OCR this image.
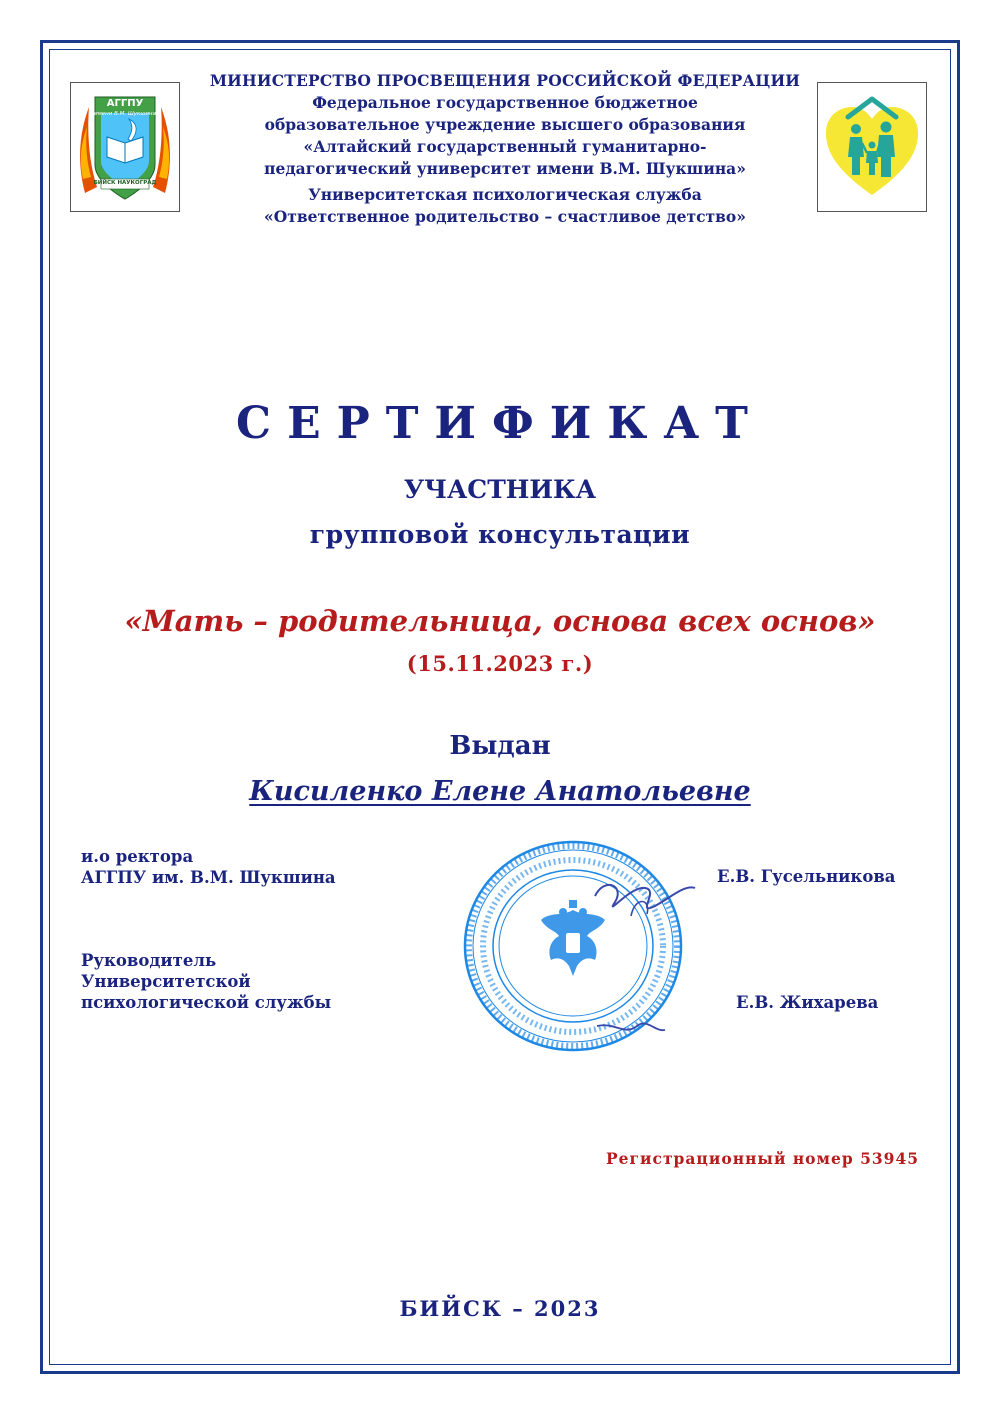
АГГПУ
имени В.М. Шукшина
БИЙСК НАУКОГРАД
МИНИСТЕРСТВО ПРОСВЕЩЕНИЯ РОССИЙСКОЙ ФЕДЕРАЦИИ
Федеральное государственное бюджетное
образовательное учреждение высшего образования
«Алтайский государственный гуманитарно-
педагогический университет имени В.М. Шукшина»
Университетская психологическая служба
«Ответственное родительство – счастливое детство»
СЕРТИФИКАТ
УЧАСТНИКА
групповой консультации
«Мать – родительница, основа всех основ»
(15.11.2023 г.)
Выдан
Кисиленко Елене Анатольевне
и.о ректора
АГГПУ им. В.М. Шукшина	Е.В. Гусельникова
Руководитель
Университетской
психологической службы	Е.В. Жихарева
Регистрационный номер 53945
БИЙСК – 2023
